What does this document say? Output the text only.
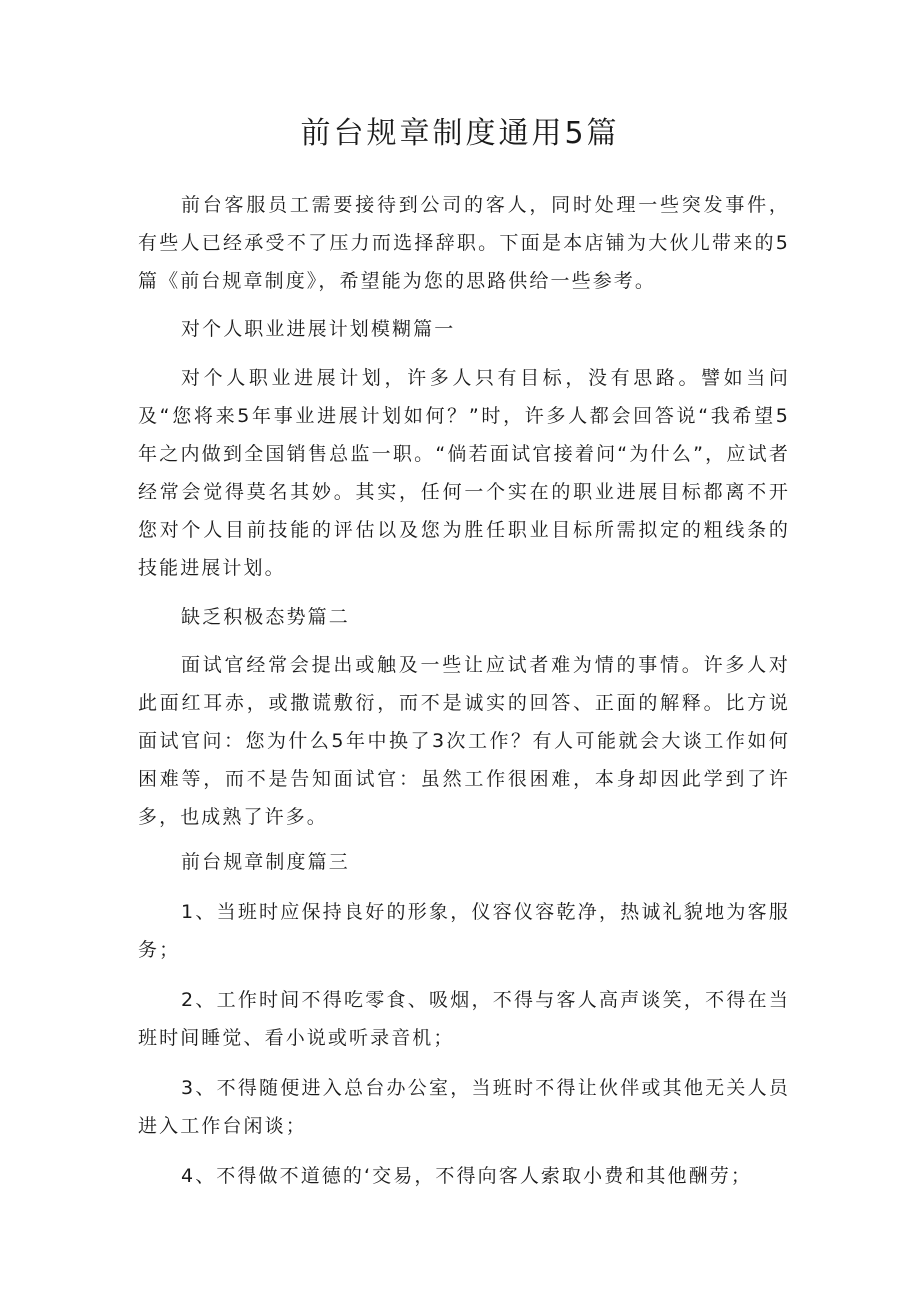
前台规章制度通用5篇

前台客服员工需要接待到公司的客人，同时处理一些突发事件，有些人已经承受不了压力而选择辞职。下面是本店铺为大伙儿带来的5篇《前台规章制度》，希望能为您的思路供给一些参考。

对个人职业进展计划模糊篇一

对个人职业进展计划，许多人只有目标，没有思路。譬如当问及“您将来5年事业进展计划如何？”时，许多人都会回答说“我希望5年之内做到全国销售总监一职。“倘若面试官接着问“为什么”，应试者经常会觉得莫名其妙。其实，任何一个实在的职业进展目标都离不开您对个人目前技能的评估以及您为胜任职业目标所需拟定的粗线条的技能进展计划。

缺乏积极态势篇二

面试官经常会提出或触及一些让应试者难为情的事情。许多人对此面红耳赤，或撒谎敷衍，而不是诚实的回答、正面的解释。比方说面试官问：您为什么5年中换了3次工作？有人可能就会大谈工作如何困难等，而不是告知面试官：虽然工作很困难，本身却因此学到了许多，也成熟了许多。

前台规章制度篇三

1、当班时应保持良好的形象，仪容仪容乾净，热诚礼貌地为客服务；

2、工作时间不得吃零食、吸烟，不得与客人高声谈笑，不得在当班时间睡觉、看小说或听录音机；

3、不得随便进入总台办公室，当班时不得让伙伴或其他无关人员进入工作台闲谈；

4、不得做不道德的‘交易，不得向客人索取小费和其他酬劳；
